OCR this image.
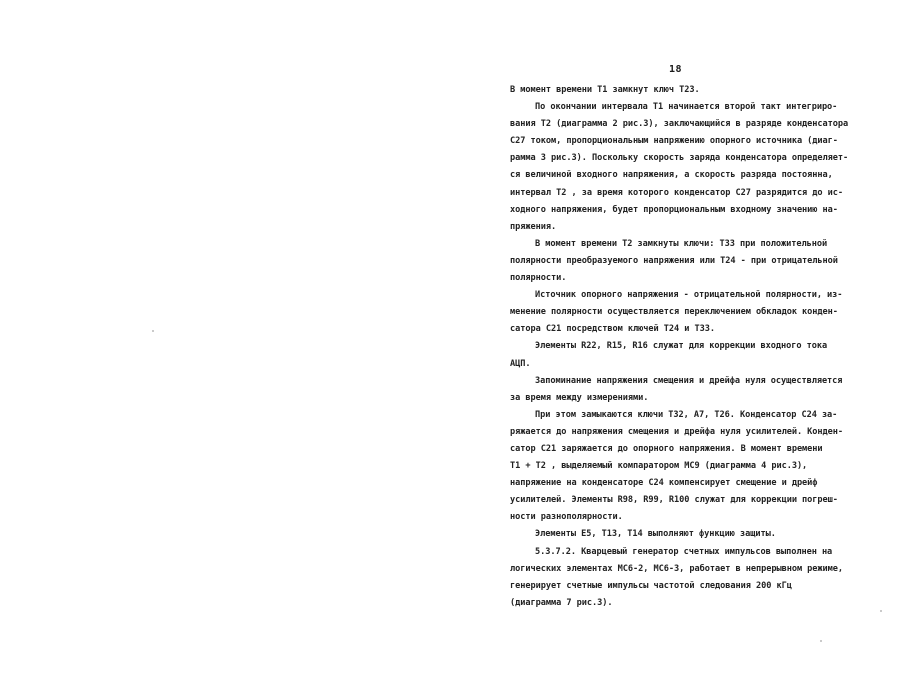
18
В момент времени Т1 замкнут ключ Т23.
По окончании интервала Т1 начинается второй такт интегриро-
вания Т2 (диаграмма 2 рис.3), заключающийся в разряде конденсатора
С27 током, пропорциональным напряжению опорного источника (диаг-
рамма 3 рис.3). Поскольку скорость заряда конденсатора определяет-
ся величиной входного напряжения, а скорость разряда постоянна,
интервал Т2 , за время которого конденсатор С27 разрядится до ис-
ходного напряжения, будет пропорциональным входному значению на-
пряжения.
В момент времени Т2 замкнуты ключи: Т33 при положительной
полярности преобразуемого напряжения или Т24 - при отрицательной
полярности.
Источник опорного напряжения - отрицательной полярности, из-
менение полярности осуществляется переключением обкладок конден-
сатора С21 посредством ключей Т24 и Т33.
Элементы R22, R15, R16 служат для коррекции входного тока
АЦП.
Запоминание напряжения смещения и дрейфа нуля осуществляется
за время между измерениями.
При этом замыкаются ключи Т32, А7, Т26. Конденсатор С24 за-
ряжается до напряжения смещения и дрейфа нуля усилителей. Конден-
сатор С21 заряжается до опорного напряжения. В момент времени
Т1 + Т2 , выделяемый компаратором МС9 (диаграмма 4 рис.3),
напряжение на конденсаторе С24 компенсирует смещение и дрейф
усилителей. Элементы R98, R99, R100 служат для коррекции погреш-
ности разнополярности.
Элементы Е5, Т13, Т14 выполняют функцию защиты.
5.3.7.2. Кварцевый генератор счетных импульсов выполнен на
логических элементах МС6-2, МС6-3, работает в непрерывном режиме,
генерирует счетные импульсы частотой следования 200 кГц
(диаграмма 7 рис.3).
